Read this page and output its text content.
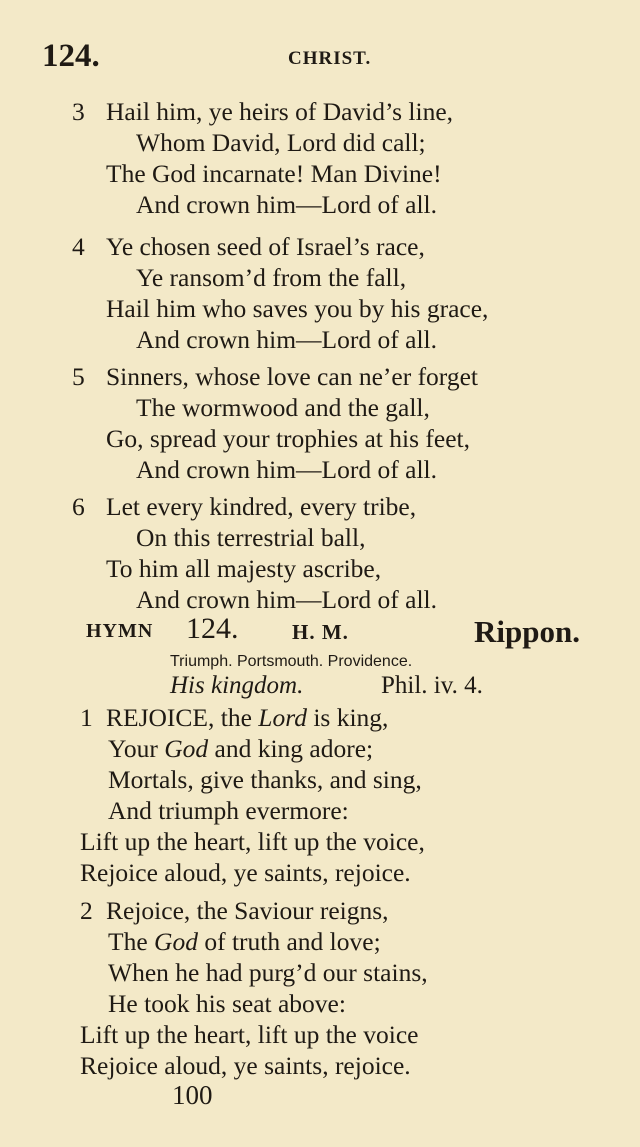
124.	CHRIST.
3 Hail him, ye heirs of David’s line,
Whom David, Lord did call;
The God incarnate! Man Divine!
And crown him—Lord of all.
4 Ye chosen seed of Israel’s race,
Ye ransom’d from the fall,
Hail him who saves you by his grace,
And crown him—Lord of all.
5 Sinners, whose love can ne’er forget
The wormwood and the gall,
Go, spread your trophies at his feet,
And crown him—Lord of all.
6 Let every kindred, every tribe,
On this terrestrial ball,
To him all majesty ascribe,
And crown him—Lord of all.
HYMN 124.	H. M.	Rippon.
Triumph. Portsmouth. Providence.
His kingdom.	Phil. iv. 4.
1 REJOICE, the Lord is king,
Your God and king adore;
Mortals, give thanks, and sing,
And triumph evermore:
Lift up the heart, lift up the voice,
Rejoice aloud, ye saints, rejoice.
2 Rejoice, the Saviour reigns,
The God of truth and love;
When he had purg’d our stains,
He took his seat above:
Lift up the heart, lift up the voice
Rejoice aloud, ye saints, rejoice.
100
